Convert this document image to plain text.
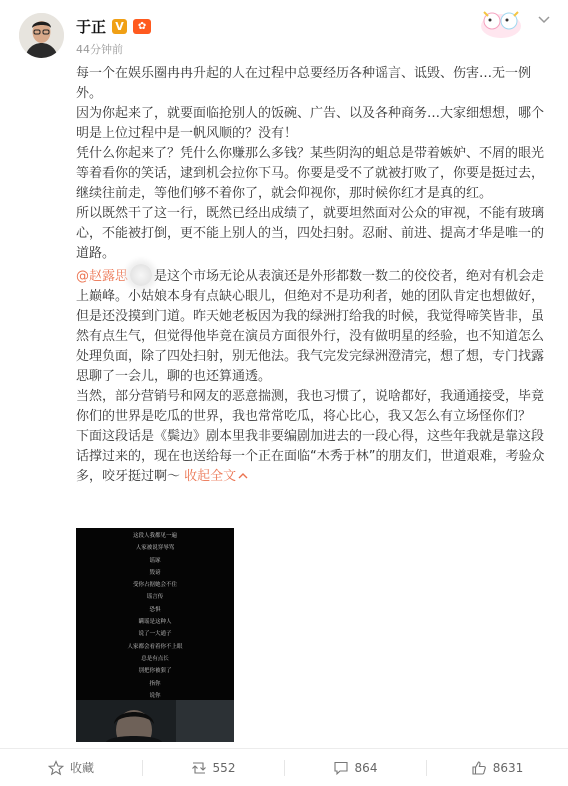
于正 V	✿
44分钟前

每一个在娱乐圈冉冉升起的人在过程中总要经历各种谣言、诋毁、伤害…无一例外。

因为你起来了，就要面临抢别人的饭碗、广告、以及各种商务…大家细想想，哪个明是上位过程中是一帆风顺的？没有！

凭什么你起来了？凭什么你赚那么多钱？某些阴沟的蛆总是带着嫉妒、不屑的眼光等着看你的笑话，逮到机会拉你下马。你要是受不了就被打败了，你要是挺过去，继续往前走，等他们够不着你了，就会仰视你，那时候你红才是真的红。

所以既然干了这一行，既然已经出成绩了，就要坦然面对公众的审视，不能有玻璃心，不能被打倒，更不能上别人的当，四处扫射。忍耐、前进、提高才华是唯一的道路。

@赵露思 是这个市场无论从表演还是外形都数一数二的佼佼者，绝对有机会走上巅峰。小姑娘本身有点缺心眼儿，但绝对不是功利者，她的团队肯定也想做好，但是还没摸到门道。昨天她老板因为我的绿洲打给我的时候，我觉得啼笑皆非，虽然有点生气，但觉得他毕竟在演员方面很外行，没有做明星的经验，也不知道怎么处理负面，除了四处扫射，别无他法。我气完发完绿洲澄清完，想了想，专门找露思聊了一会儿，聊的也还算通透。

当然，部分营销号和网友的恶意揣测，我也习惯了，说啥都好，我通通接受，毕竟你们的世界是吃瓜的世界，我也常常吃瓜，将心比心，我又怎么有立场怪你们？

下面这段话是《鬓边》剧本里我非要编剧加进去的一段心得，这些年我就是靠这段话撑过来的，现在也送给每一个正在面临“木秀于林”的朋友们，世道艰难，考验众多，咬牙挺过啊～ 收起全文

这段人我都见一遍
人家被说穿辱骂
谣诼
毁谤
受你占据她会不住
谣言传
恐惧
瞒谣是这种人
说了一大通子
人家都会看着你不上眼
总是有点长
别把你被狠了
指你
说你
收藏	552	864	8631
